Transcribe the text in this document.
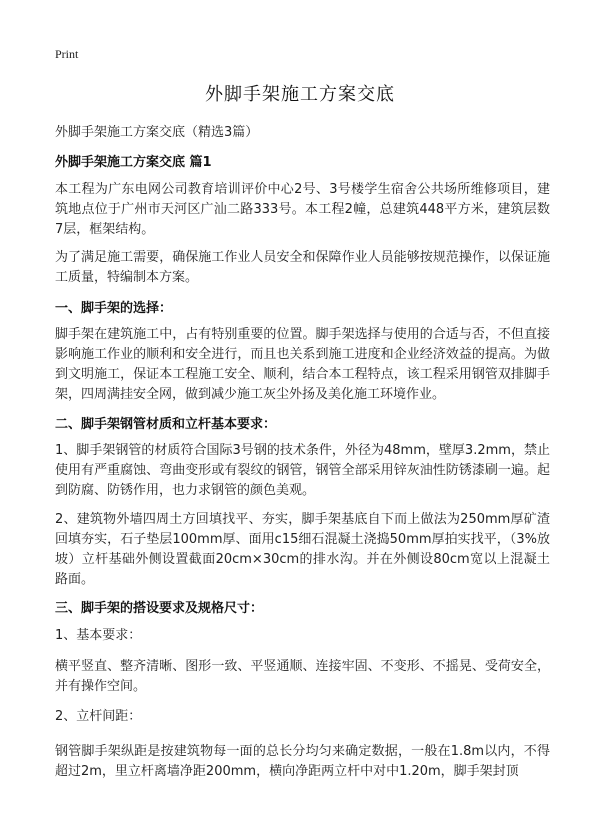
Print
外脚手架施工方案交底
外脚手架施工方案交底（精选3篇）
外脚手架施工方案交底 篇1
本工程为广东电网公司教育培训评价中心2号、3号楼学生宿舍公共场所维修项目，建筑地点位于广州市天河区广汕二路333号。本工程2幢，总建筑448平方米，建筑层数7层，框架结构。
为了满足施工需要，确保施工作业人员安全和保障作业人员能够按规范操作，以保证施工质量，特编制本方案。
一、脚手架的选择：
脚手架在建筑施工中，占有特别重要的位置。脚手架选择与使用的合适与否，不但直接影响施工作业的顺利和安全进行，而且也关系到施工进度和企业经济效益的提高。为做到文明施工，保证本工程施工安全、顺利，结合本工程特点，该工程采用钢管双排脚手架，四周满挂安全网，做到减少施工灰尘外扬及美化施工环境作业。
二、脚手架钢管材质和立杆基本要求：
1、脚手架钢管的材质符合国际3号钢的技术条件，外径为48mm，壁厚3.2mm，禁止使用有严重腐蚀、弯曲变形或有裂纹的钢管，钢管全部采用锌灰油性防锈漆刷一遍。起到防腐、防锈作用，也力求钢管的颜色美观。
2、建筑物外墙四周土方回填找平、夯实，脚手架基底自下而上做法为250mm厚矿渣回填夯实，石子垫层100mm厚、面用c15细石混凝土浇捣50mm厚拍实找平，（3%放坡）立杆基础外侧设置截面20cm×30cm的排水沟。并在外侧设80cm宽以上混凝土路面。
三、脚手架的搭设要求及规格尺寸：
1、基本要求：
横平竖直、整齐清晰、图形一致、平竖通顺、连接牢固、不变形、不摇晃、受荷安全，并有操作空间。
2、立杆间距：
钢管脚手架纵距是按建筑物每一面的总长分均匀来确定数据，一般在1.8m以内，不得超过2m，里立杆离墙净距200mm，横向净距两立杆中对中1.20m，脚手架封顶
